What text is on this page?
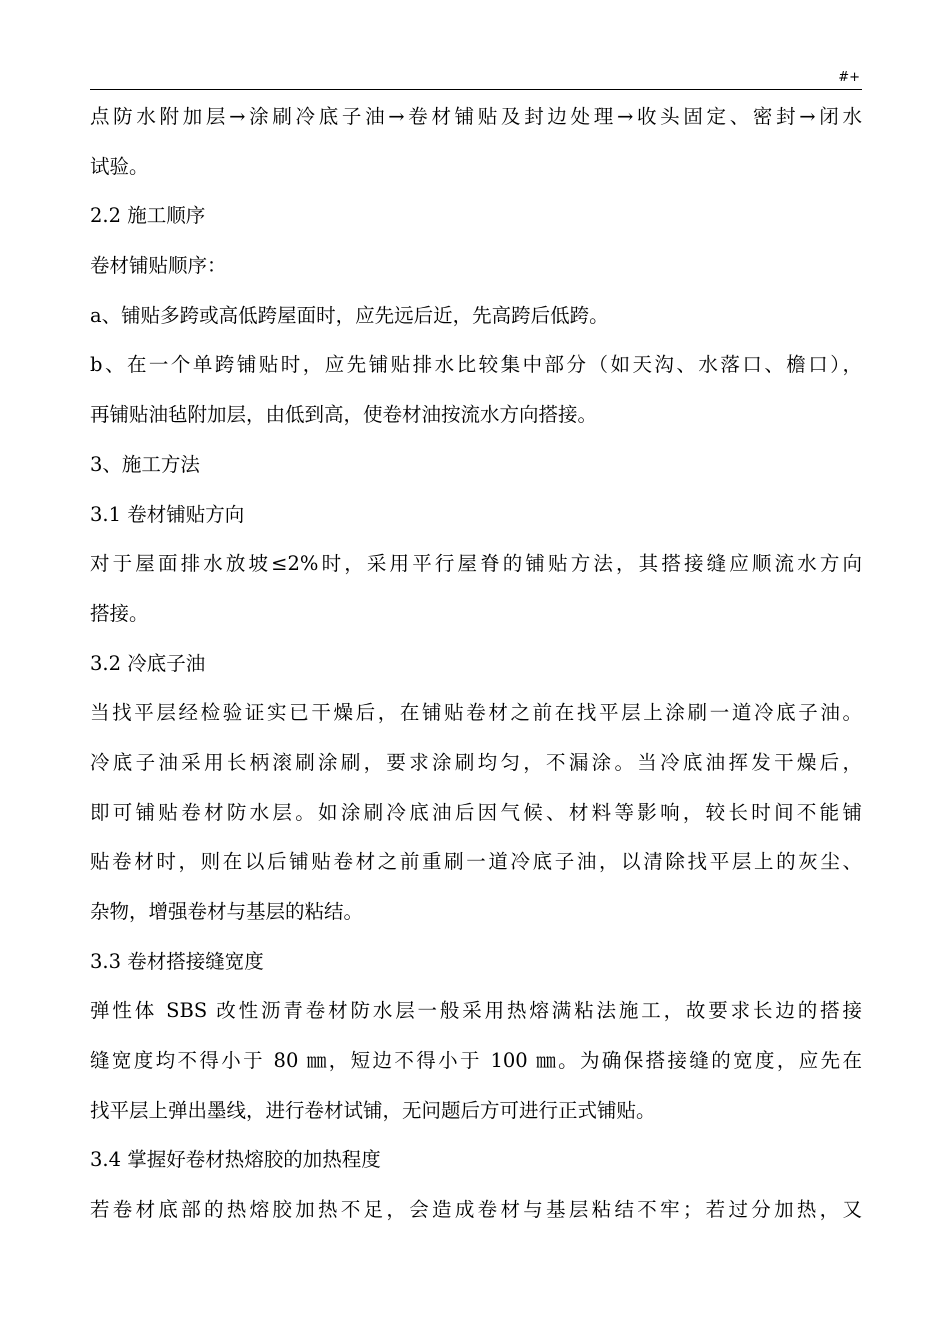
#+
点防水附加层→涂刷冷底子油→卷材铺贴及封边处理→收头固定、密封→闭水
试验。
2.2 施工顺序
卷材铺贴顺序：
a、铺贴多跨或高低跨屋面时，应先远后近，先高跨后低跨。
b、在一个单跨铺贴时，应先铺贴排水比较集中部分（如天沟、水落口、檐口），
再铺贴油毡附加层，由低到高，使卷材油按流水方向搭接。
3、施工方法
3.1 卷材铺贴方向
对于屋面排水放坡≤2%时，采用平行屋脊的铺贴方法，其搭接缝应顺流水方向
搭接。
3.2 冷底子油
当找平层经检验证实已干燥后，在铺贴卷材之前在找平层上涂刷一道冷底子油。
冷底子油采用长柄滚刷涂刷，要求涂刷均匀，不漏涂。当冷底油挥发干燥后，
即可铺贴卷材防水层。如涂刷冷底油后因气候、材料等影响，较长时间不能铺
贴卷材时，则在以后铺贴卷材之前重刷一道冷底子油，以清除找平层上的灰尘、
杂物，增强卷材与基层的粘结。
3.3 卷材搭接缝宽度
弹性体 SBS 改性沥青卷材防水层一般采用热熔满粘法施工，故要求长边的搭接
缝宽度均不得小于 80 ㎜，短边不得小于 100 ㎜。为确保搭接缝的宽度，应先在
找平层上弹出墨线，进行卷材试铺，无问题后方可进行正式铺贴。
3.4 掌握好卷材热熔胶的加热程度
若卷材底部的热熔胶加热不足，会造成卷材与基层粘结不牢；若过分加热，又
